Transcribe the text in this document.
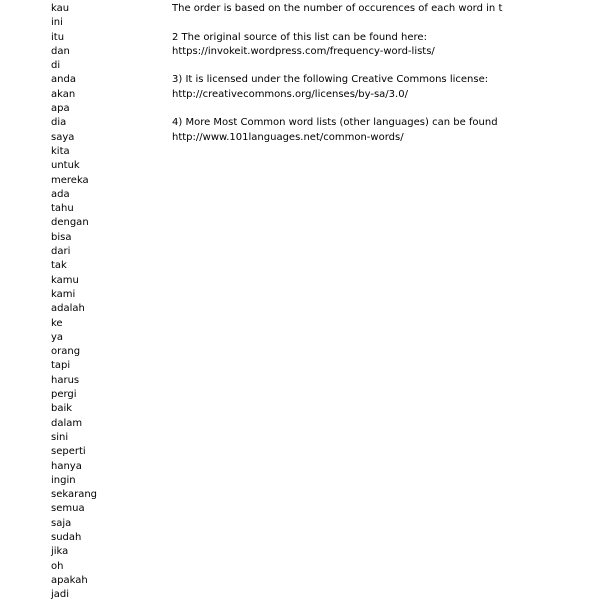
kau
ini
itu
dan
di
anda
akan
apa
dia
saya
kita
untuk
mereka
ada
tahu
dengan
bisa
dari
tak
kamu
kami
adalah
ke
ya
orang
tapi
harus
pergi
baik
dalam
sini
seperti
hanya
ingin
sekarang
semua
saja
sudah
jika
oh
apakah
jadi

The order is based on the number of occurences of each word in t

2 The original source of this list can be found here:

https://invokeit.wordpress.com/frequency-word-lists/

3) It is licensed under the following Creative Commons license:

http://creativecommons.org/licenses/by-sa/3.0/

4) More Most Common word lists (other languages) can be found

http://www.101languages.net/common-words/
